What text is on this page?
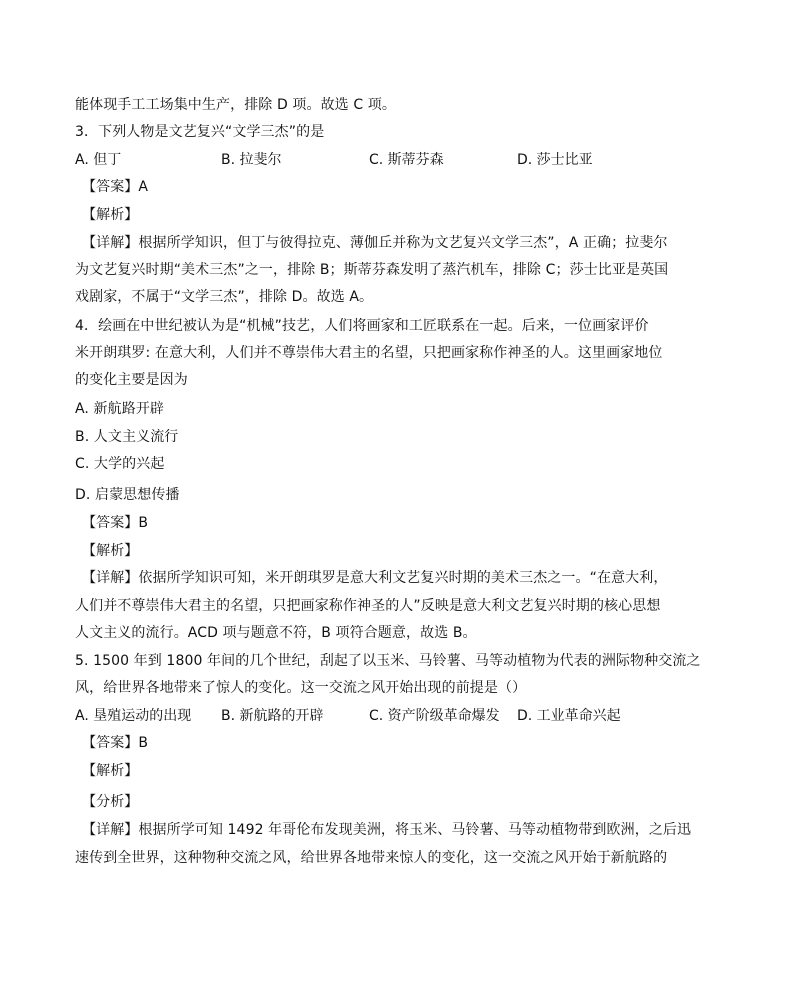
能体现手工工场集中生产，排除 D 项。故选 C 项。
3．下列人物是文艺复兴“文学三杰”的是
A. 但丁	B. 拉斐尔	C. 斯蒂芬森	D. 莎士比亚
【答案】A
【解析】
【详解】根据所学知识，但丁与彼得拉克、薄伽丘并称为文艺复兴文学三杰”，A 正确；拉斐尔
为文艺复兴时期“美术三杰”之一，排除 B；斯蒂芬森发明了蒸汽机车，排除 C；莎士比亚是英国
戏剧家，不属于“文学三杰”，排除 D。故选 A。
4．绘画在中世纪被认为是“机械”技艺，人们将画家和工匠联系在一起。后来，一位画家评价
米开朗琪罗: 在意大利，人们并不尊崇伟大君主的名望，只把画家称作神圣的人。这里画家地位
的变化主要是因为
A. 新航路开辟
B. 人文主义流行
C. 大学的兴起
D. 启蒙思想传播
【答案】B
【解析】
【详解】依据所学知识可知，米开朗琪罗是意大利文艺复兴时期的美术三杰之一。“在意大利，
人们并不尊崇伟大君主的名望，只把画家称作神圣的人”反映是意大利文艺复兴时期的核心思想
人文主义的流行。ACD 项与题意不符，B 项符合题意，故选 B。
5. 1500 年到 1800 年间的几个世纪，刮起了以玉米、马铃薯、马等动植物为代表的洲际物种交流之
风，给世界各地带来了惊人的变化。这一交流之风开始出现的前提是（）
A. 垦殖运动的出现 B. 新航路的开辟	C. 资产阶级革命爆发 D. 工业革命兴起
【答案】B
【解析】
【分析】
【详解】根据所学可知 1492 年哥伦布发现美洲，将玉米、马铃薯、马等动植物带到欧洲，之后迅
速传到全世界，这种物种交流之风，给世界各地带来惊人的变化，这一交流之风开始于新航路的
